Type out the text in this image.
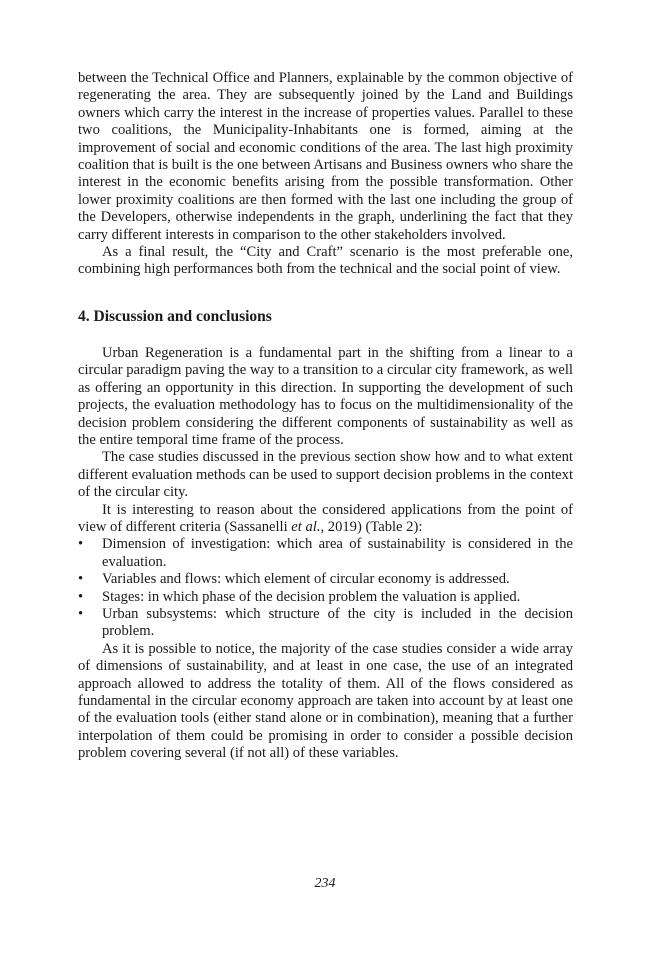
between the Technical Office and Planners, explainable by the common objective of regenerating the area. They are subsequently joined by the Land and Buildings owners which carry the interest in the increase of properties values. Parallel to these two coalitions, the Municipality-Inhabitants one is formed, aiming at the improvement of social and economic conditions of the area. The last high proximity coalition that is built is the one between Artisans and Business owners who share the interest in the economic benefits arising from the possible transformation. Other lower proximity coalitions are then formed with the last one including the group of the Developers, otherwise independents in the graph, underlining the fact that they carry different interests in comparison to the other stakeholders involved.

As a final result, the “City and Craft” scenario is the most preferable one, combining high performances both from the technical and the social point of view.

4. Discussion and conclusions

Urban Regeneration is a fundamental part in the shifting from a linear to a circular paradigm paving the way to a transition to a circular city framework, as well as offering an opportunity in this direction. In supporting the development of such projects, the evaluation methodology has to focus on the multidimensionality of the decision problem considering the different components of sustainability as well as the entire temporal time frame of the process.

The case studies discussed in the previous section show how and to what extent different evaluation methods can be used to support decision problems in the context of the circular city.

It is interesting to reason about the considered applications from the point of view of different criteria (Sassanelli et al., 2019) (Table 2):

• Dimension of investigation: which area of sustainability is considered in the evaluation.
• Variables and flows: which element of circular economy is addressed.
• Stages: in which phase of the decision problem the valuation is applied.
• Urban subsystems: which structure of the city is included in the decision problem.

As it is possible to notice, the majority of the case studies consider a wide array of dimensions of sustainability, and at least in one case, the use of an integrated approach allowed to address the totality of them. All of the flows considered as fundamental in the circular economy approach are taken into account by at least one of the evaluation tools (either stand alone or in combination), meaning that a further interpolation of them could be promising in order to consider a possible decision problem covering several (if not all) of these variables.

234
